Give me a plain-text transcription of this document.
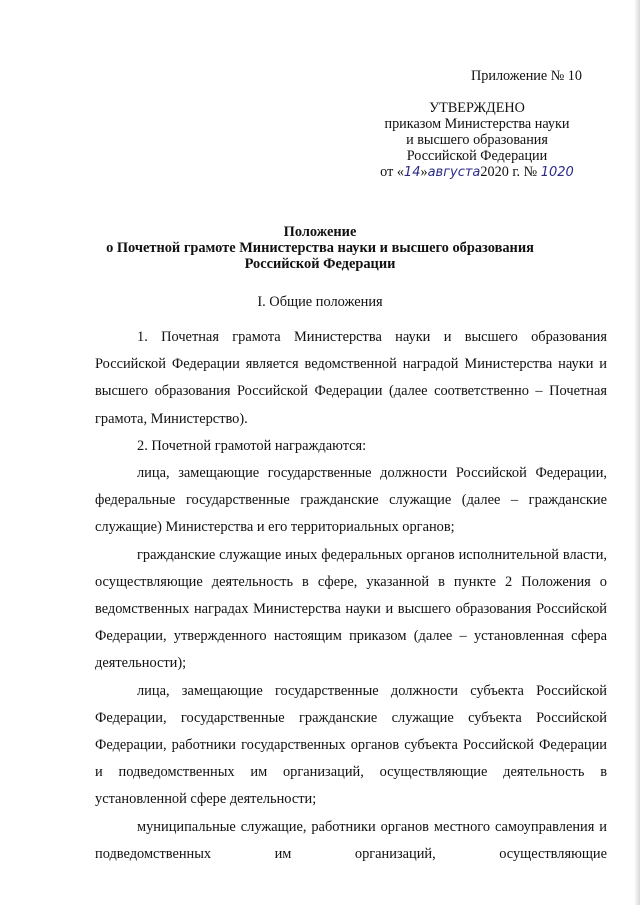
Приложение № 10
УТВЕРЖДЕНО
приказом Министерства науки
и высшего образования
Российской Федерации
от «14»августа2020 г. № 1020
Положение
о Почетной грамоте Министерства науки и высшего образования
Российской Федерации
I. Общие положения

1. Почетная грамота Министерства науки и высшего образования Российской Федерации является ведомственной наградой Министерства науки и высшего образования Российской Федерации (далее соответственно – Почетная грамота, Министерство).

2. Почетной грамотой награждаются:

лица, замещающие государственные должности Российской Федерации, федеральные государственные гражданские служащие (далее – гражданские служащие) Министерства и его территориальных органов;

гражданские служащие иных федеральных органов исполнительной власти, осуществляющие деятельность в сфере, указанной в пункте 2 Положения о ведомственных наградах Министерства науки и высшего образования Российской Федерации, утвержденного настоящим приказом (далее – установленная сфера деятельности);

лица, замещающие государственные должности субъекта Российской Федерации, государственные гражданские служащие субъекта Российской Федерации, работники государственных органов субъекта Российской Федерации и подведомственных им организаций, осуществляющие деятельность в установленной сфере деятельности;

муниципальные служащие, работники органов местного самоуправления и подведомственных им организаций, осуществляющие
